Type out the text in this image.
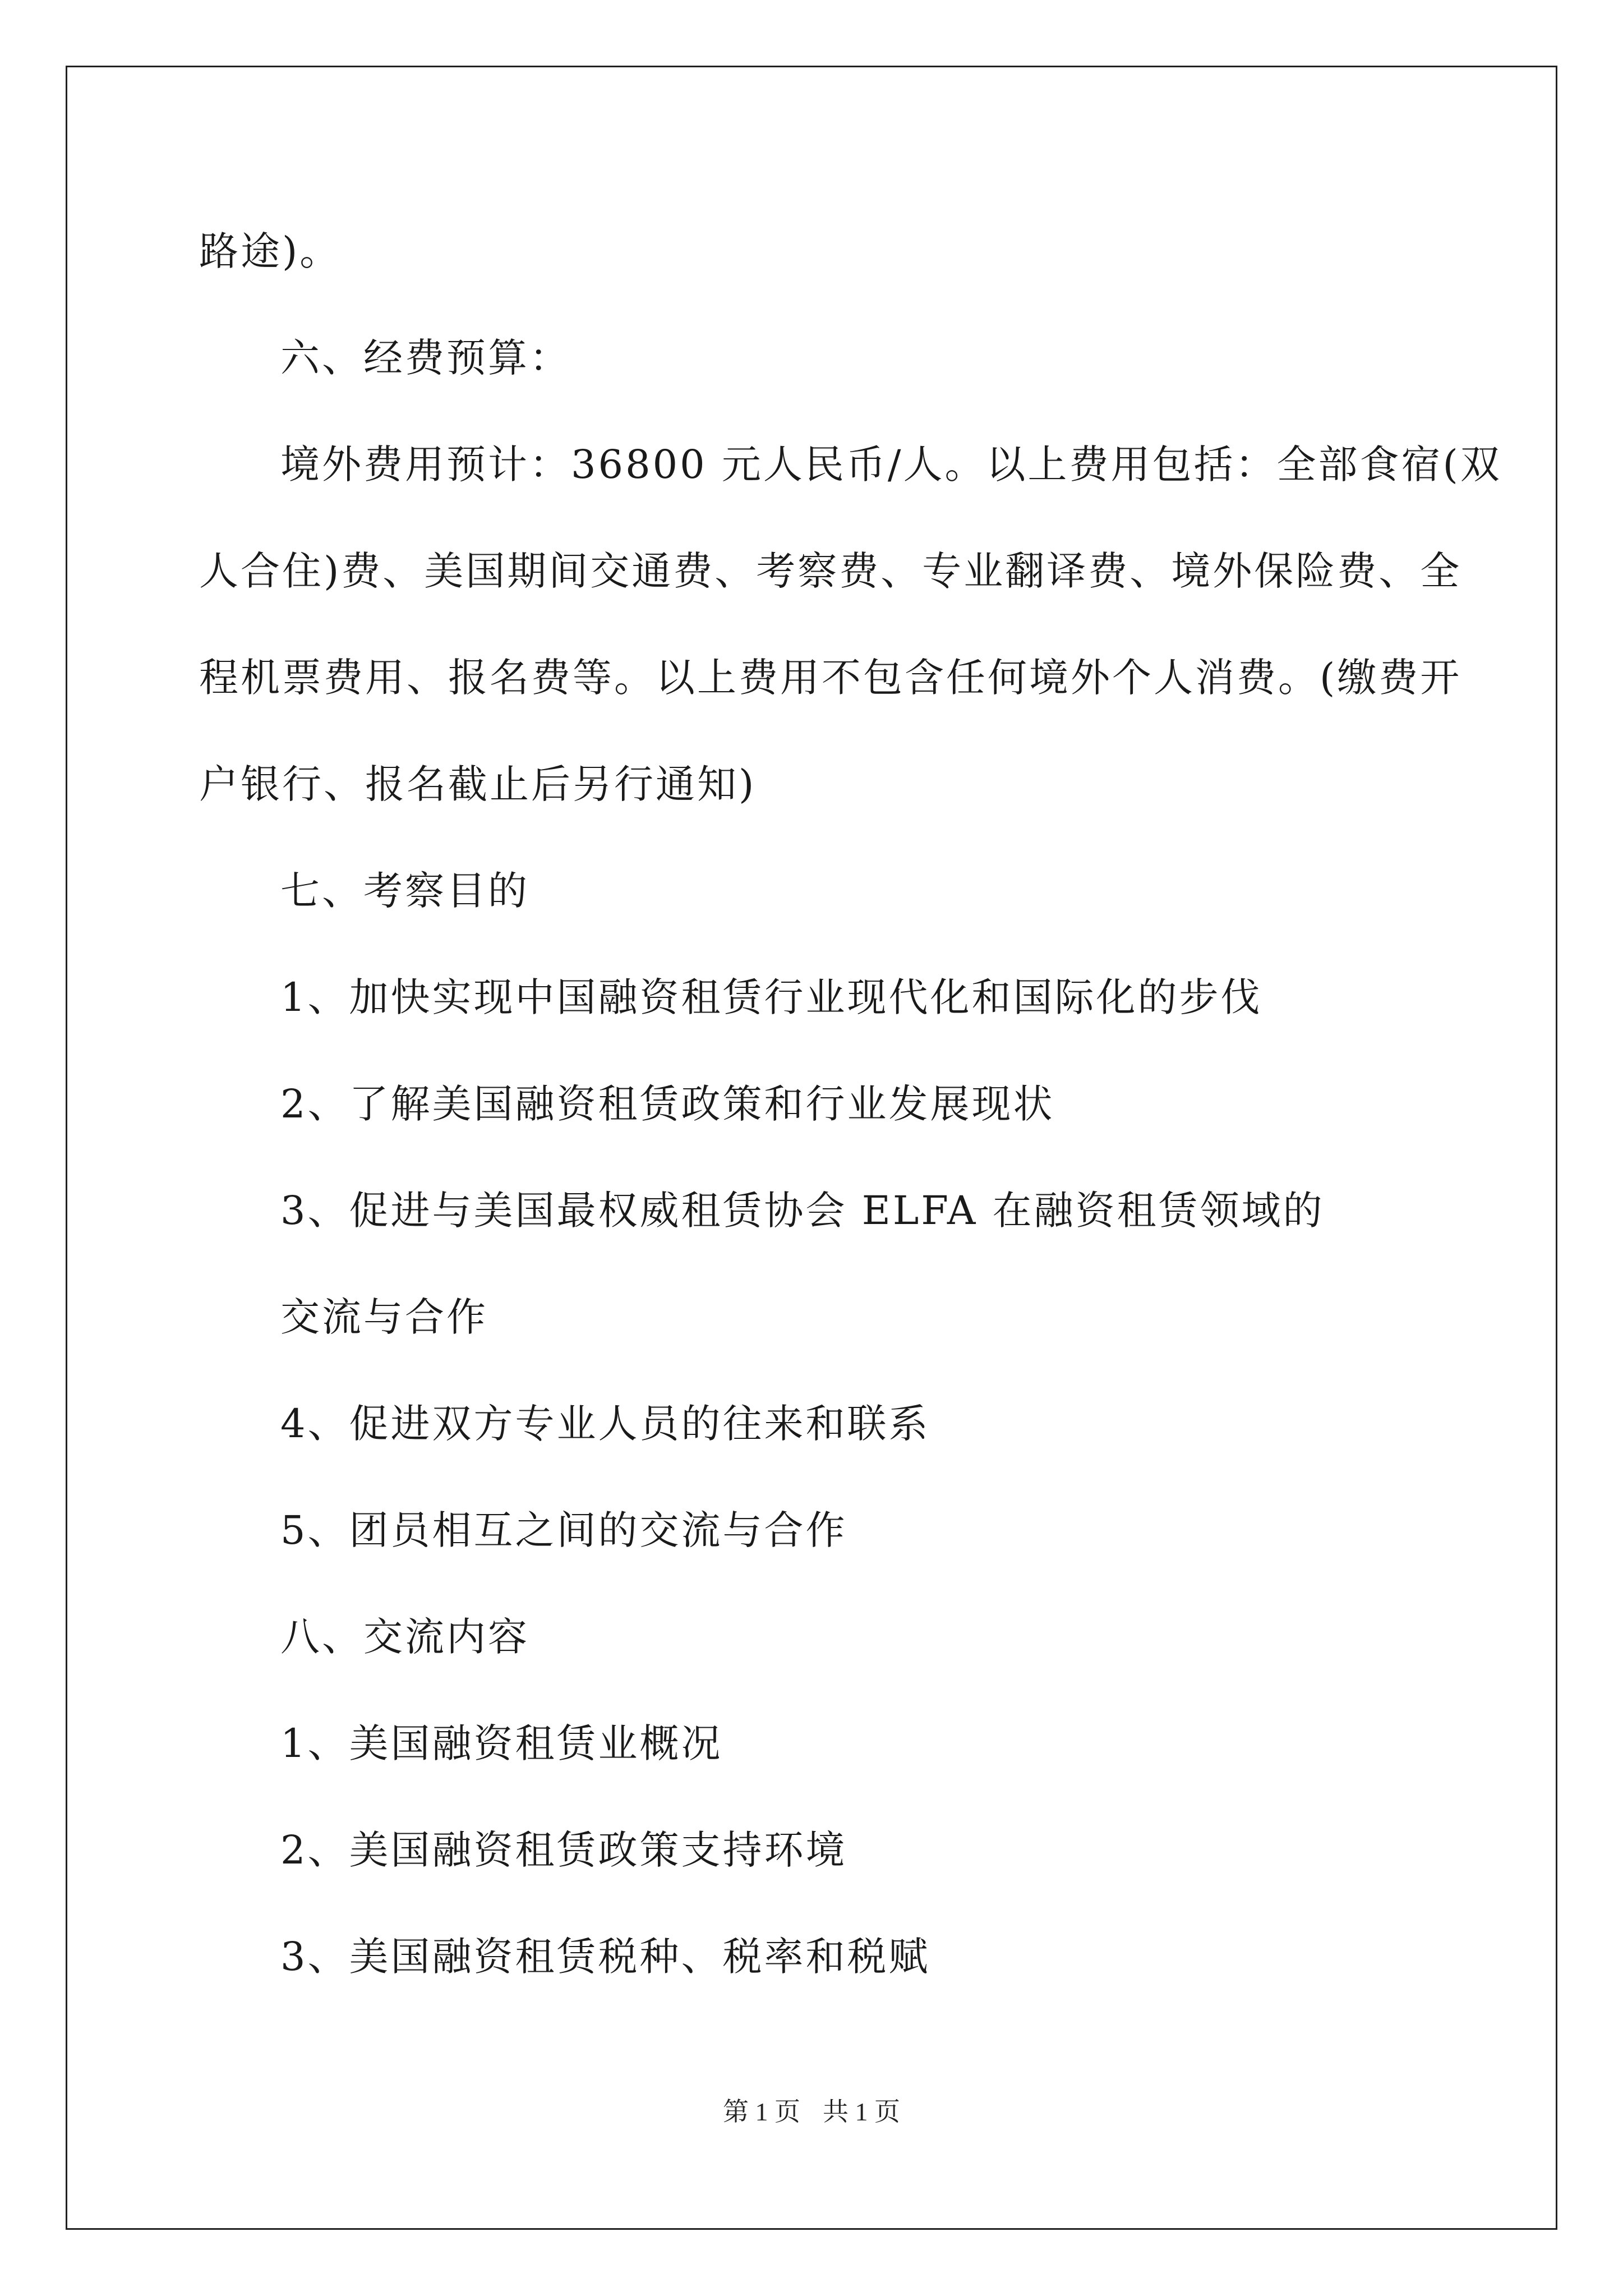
路途)。

六、经费预算：

境外费用预计：36800 元人民币/人。以上费用包括：全部食宿(双

人合住)费、美国期间交通费、考察费、专业翻译费、境外保险费、全

程机票费用、报名费等。以上费用不包含任何境外个人消费。(缴费开

户银行、报名截止后另行通知)

七、考察目的

1、加快实现中国融资租赁行业现代化和国际化的步伐

2、了解美国融资租赁政策和行业发展现状

3、促进与美国最权威租赁协会 ELFA 在融资租赁领域的

交流与合作

4、促进双方专业人员的往来和联系

5、团员相互之间的交流与合作

八、交流内容

1、美国融资租赁业概况

2、美国融资租赁政策支持环境

3、美国融资租赁税种、税率和税赋

第 1 页 共 1 页
